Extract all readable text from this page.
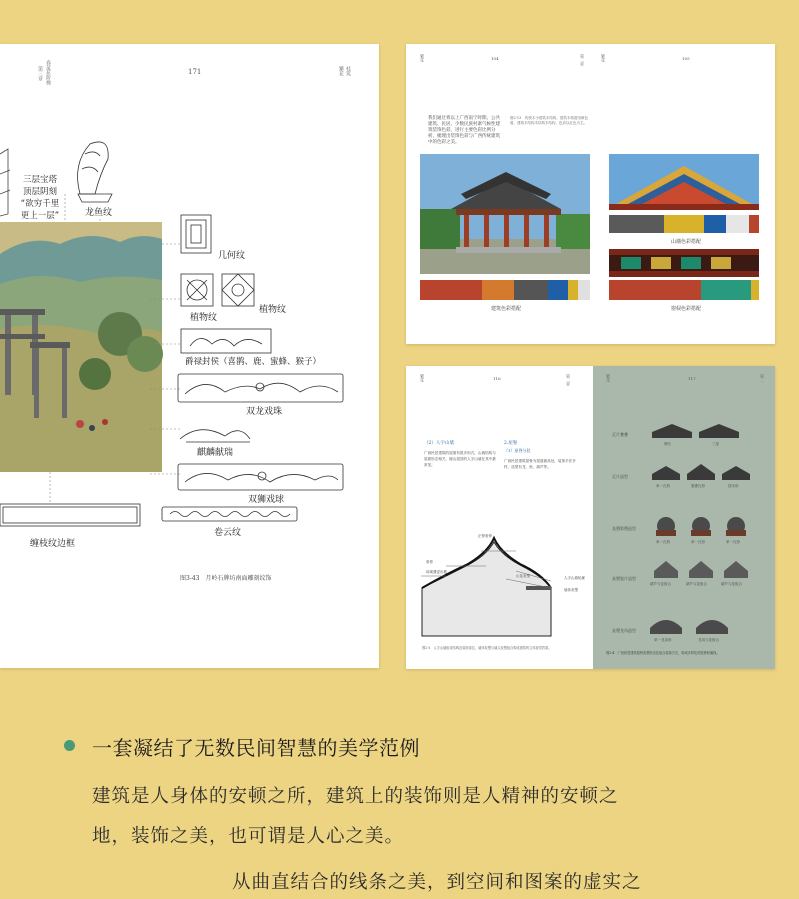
第三章
春茧花阶梯
171	繁花
桂筑
三层宝塔
顶层阴刻
“欲穷千里
更上一层”	龙鱼纹
几何纹
植物纹
植物纹
爵禄封侯（喜鹊、鹿、蜜蜂、猴子）
双龙戏珠
麒麟献瑞
双狮戏球
卷云纹
缠枝纹边框
图3-43　月岭石牌坊南面雕刻纹饰
繁花	104	第二章
繁花	105
我们通过将以上广西南宁时期、公共建筑、民居、少数民族村寨气候性建筑装饰色彩，进行主要色彩比例分析，梳理出装饰色彩与广西传统建筑中的色彩之美。
图2-13　传统木小建筑木结构，建筑木构建用颜色谱，建筑木结构木结构木结构，色彩以红色为主。
建筑色彩搭配
山墙色彩搭配
窗棂色彩搭配
繁花	116	第二章
繁花	117	第二
（2）人字山墙
广西民居建筑的屋面有很多形式，山墙结构与屋面形态相关，硬山屋顶的人字山墙在其中最常见。
2.屋脊
（1）屋脊分段
广西民居建筑屋脊为屋面最高处，装饰手法多样，造型有龙、鱼、葫芦等。
垂脊
正脊垂脊
山花灰塑	人字山墙轮廓
墙体灰塑
砖砌叠涩出檐
图2-3　人字山墙组成结构及装饰部位，墙体灰塑与墙头灰塑组合构成建筑的立体视觉效果。
瓦片叠叠
瓦片造型
灰塑彩塑造型
灰塑瓷片造型
灰塑龙凤造型
网纹	三星
单一瓦形	重叠瓦形	钱币形
单一瓦形	单一瓦形	单一瓦形
葫芦与花组合	葫芦与花组合	葫芦与花组合
单一龙凤形	龙凤与花组合
图2-4　广西民居建筑屋脊灰塑形态及组合装饰方式，构成多样化的屋脊轮廓线。
一套凝结了无数民间智慧的美学范例
建筑是人身体的安顿之所，建筑上的装饰则是人精神的安顿之
地，装饰之美，也可谓是人心之美。
从曲直结合的线条之美，到空间和图案的虚实之
